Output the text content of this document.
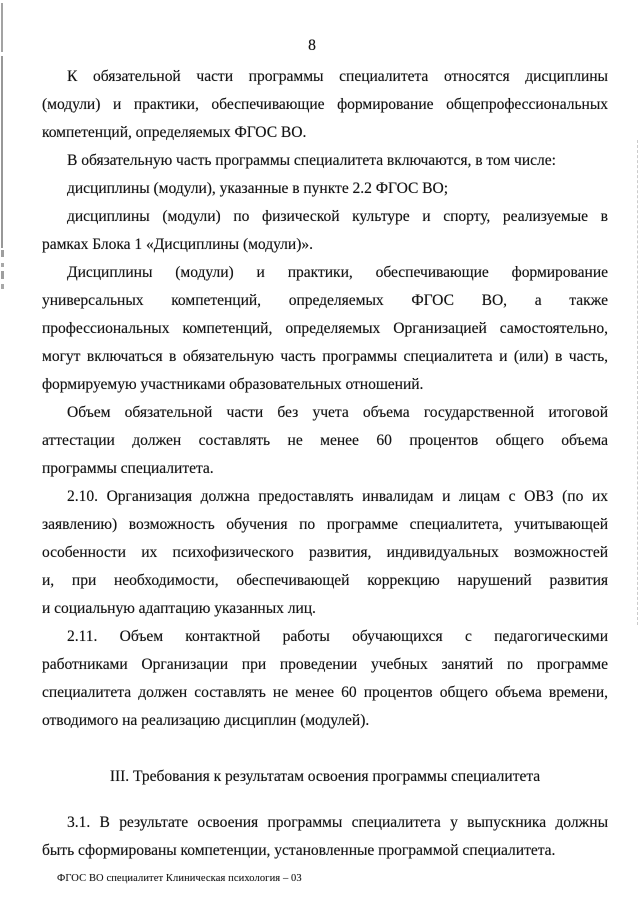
8
К обязательной части программы специалитета относятся дисциплины
(модули) и практики, обеспечивающие формирование общепрофессиональных
компетенций, определяемых ФГОС ВО.
В обязательную часть программы специалитета включаются, в том числе:
дисциплины (модули), указанные в пункте 2.2 ФГОС ВО;
дисциплины (модули) по физической культуре и спорту, реализуемые в
рамках Блока 1 «Дисциплины (модули)».
Дисциплины (модули) и практики, обеспечивающие формирование
универсальных компетенций, определяемых ФГОС ВО, а также
профессиональных компетенций, определяемых Организацией самостоятельно,
могут включаться в обязательную часть программы специалитета и (или) в часть,
формируемую участниками образовательных отношений.
Объем обязательной части без учета объема государственной итоговой
аттестации должен составлять не менее 60 процентов общего объема
программы специалитета.
2.10. Организация должна предоставлять инвалидам и лицам с ОВЗ (по их
заявлению) возможность обучения по программе специалитета, учитывающей
особенности их психофизического развития, индивидуальных возможностей
и, при необходимости, обеспечивающей коррекцию нарушений развития
и социальную адаптацию указанных лиц.
2.11. Объем контактной работы обучающихся с педагогическими
работниками Организации при проведении учебных занятий по программе
специалитета должен составлять не менее 60 процентов общего объема времени,
отводимого на реализацию дисциплин (модулей).
III. Требования к результатам освоения программы специалитета
3.1. В результате освоения программы специалитета у выпускника должны
быть сформированы компетенции, установленные программой специалитета.
ФГОС ВО специалитет Клиническая психология – 03
